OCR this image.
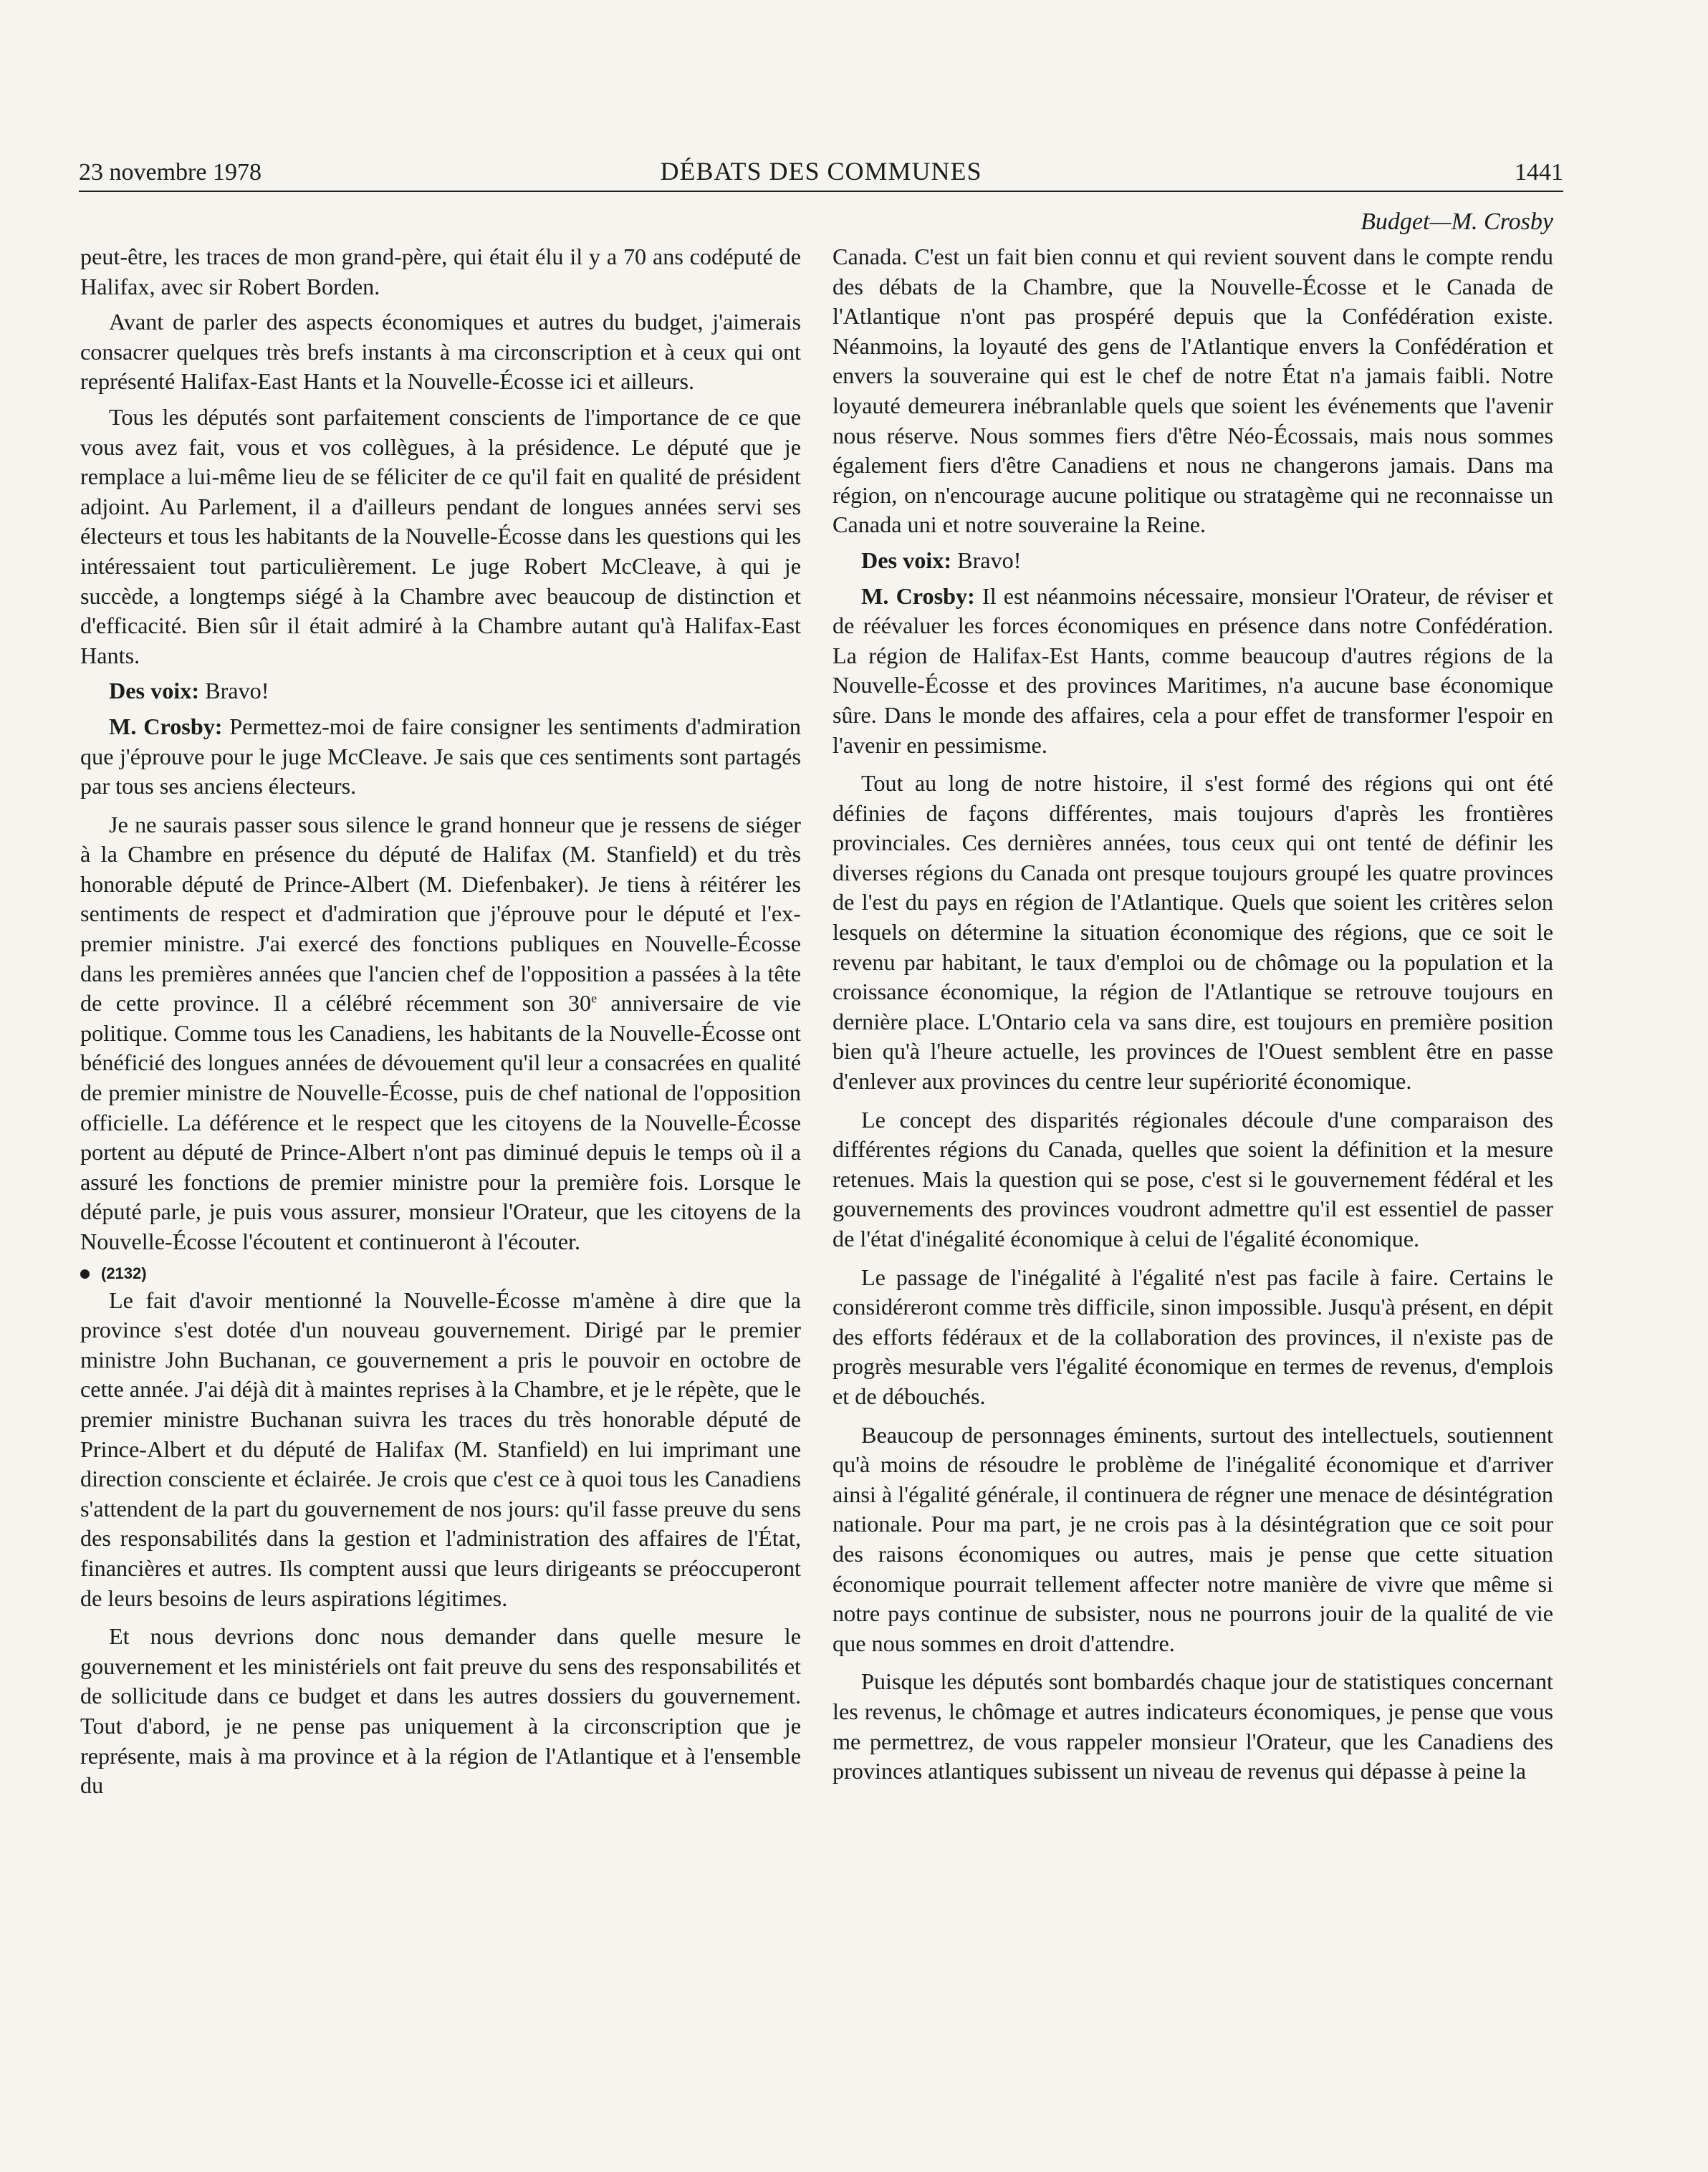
23 novembre 1978	DÉBATS DES COMMUNES	1441

peut-être, les traces de mon grand-père, qui était élu il y a 70 ans codéputé de Halifax, avec sir Robert Borden.

Avant de parler des aspects économiques et autres du budget, j'aimerais consacrer quelques très brefs instants à ma circonscription et à ceux qui ont représenté Halifax-East Hants et la Nouvelle-Écosse ici et ailleurs.

Tous les députés sont parfaitement conscients de l'importance de ce que vous avez fait, vous et vos collègues, à la présidence. Le député que je remplace a lui-même lieu de se féliciter de ce qu'il fait en qualité de président adjoint. Au Parlement, il a d'ailleurs pendant de longues années servi ses électeurs et tous les habitants de la Nouvelle-Écosse dans les questions qui les intéressaient tout particulièrement. Le juge Robert McCleave, à qui je succède, a longtemps siégé à la Chambre avec beaucoup de distinction et d'efficacité. Bien sûr il était admiré à la Chambre autant qu'à Halifax-East Hants.

Des voix: Bravo!

M. Crosby: Permettez-moi de faire consigner les sentiments d'admiration que j'éprouve pour le juge McCleave. Je sais que ces sentiments sont partagés par tous ses anciens électeurs.

Je ne saurais passer sous silence le grand honneur que je ressens de siéger à la Chambre en présence du député de Halifax (M. Stanfield) et du très honorable député de Prince-Albert (M. Diefenbaker). Je tiens à réitérer les sentiments de respect et d'admiration que j'éprouve pour le député et l'ex-premier ministre. J'ai exercé des fonctions publiques en Nouvelle-Écosse dans les premières années que l'ancien chef de l'opposition a passées à la tête de cette province. Il a célébré récemment son 30e anniversaire de vie politique. Comme tous les Canadiens, les habitants de la Nouvelle-Écosse ont bénéficié des longues années de dévouement qu'il leur a consacrées en qualité de premier ministre de Nouvelle-Écosse, puis de chef national de l'opposition officielle. La déférence et le respect que les citoyens de la Nouvelle-Écosse portent au député de Prince-Albert n'ont pas diminué depuis le temps où il a assuré les fonctions de premier ministre pour la première fois. Lorsque le député parle, je puis vous assurer, monsieur l'Orateur, que les citoyens de la Nouvelle-Écosse l'écoutent et continueront à l'écouter.

(2132)

Le fait d'avoir mentionné la Nouvelle-Écosse m'amène à dire que la province s'est dotée d'un nouveau gouvernement. Dirigé par le premier ministre John Buchanan, ce gouvernement a pris le pouvoir en octobre de cette année. J'ai déjà dit à maintes reprises à la Chambre, et je le répète, que le premier ministre Buchanan suivra les traces du très honorable député de Prince-Albert et du député de Halifax (M. Stanfield) en lui imprimant une direction consciente et éclairée. Je crois que c'est ce à quoi tous les Canadiens s'attendent de la part du gouvernement de nos jours: qu'il fasse preuve du sens des responsabilités dans la gestion et l'administration des affaires de l'État, financières et autres. Ils comptent aussi que leurs dirigeants se préoccuperont de leurs besoins de leurs aspirations légitimes.

Et nous devrions donc nous demander dans quelle mesure le gouvernement et les ministériels ont fait preuve du sens des responsabilités et de sollicitude dans ce budget et dans les autres dossiers du gouvernement. Tout d'abord, je ne pense pas uniquement à la circonscription que je représente, mais à ma province et à la région de l'Atlantique et à l'ensemble du

Budget—M. Crosby

Canada. C'est un fait bien connu et qui revient souvent dans le compte rendu des débats de la Chambre, que la Nouvelle-Écosse et le Canada de l'Atlantique n'ont pas prospéré depuis que la Confédération existe. Néanmoins, la loyauté des gens de l'Atlantique envers la Confédération et envers la souveraine qui est le chef de notre État n'a jamais faibli. Notre loyauté demeurera inébranlable quels que soient les événements que l'avenir nous réserve. Nous sommes fiers d'être Néo-Écossais, mais nous sommes également fiers d'être Canadiens et nous ne changerons jamais. Dans ma région, on n'encourage aucune politique ou stratagème qui ne reconnaisse un Canada uni et notre souveraine la Reine.

Des voix: Bravo!

M. Crosby: Il est néanmoins nécessaire, monsieur l'Orateur, de réviser et de réévaluer les forces économiques en présence dans notre Confédération. La région de Halifax-Est Hants, comme beaucoup d'autres régions de la Nouvelle-Écosse et des provinces Maritimes, n'a aucune base économique sûre. Dans le monde des affaires, cela a pour effet de transformer l'espoir en l'avenir en pessimisme.

Tout au long de notre histoire, il s'est formé des régions qui ont été définies de façons différentes, mais toujours d'après les frontières provinciales. Ces dernières années, tous ceux qui ont tenté de définir les diverses régions du Canada ont presque toujours groupé les quatre provinces de l'est du pays en région de l'Atlantique. Quels que soient les critères selon lesquels on détermine la situation économique des régions, que ce soit le revenu par habitant, le taux d'emploi ou de chômage ou la population et la croissance économique, la région de l'Atlantique se retrouve toujours en dernière place. L'Ontario cela va sans dire, est toujours en première position bien qu'à l'heure actuelle, les provinces de l'Ouest semblent être en passe d'enlever aux provinces du centre leur supériorité économique.

Le concept des disparités régionales découle d'une comparaison des différentes régions du Canada, quelles que soient la définition et la mesure retenues. Mais la question qui se pose, c'est si le gouvernement fédéral et les gouvernements des provinces voudront admettre qu'il est essentiel de passer de l'état d'inégalité économique à celui de l'égalité économique.

Le passage de l'inégalité à l'égalité n'est pas facile à faire. Certains le considéreront comme très difficile, sinon impossible. Jusqu'à présent, en dépit des efforts fédéraux et de la collaboration des provinces, il n'existe pas de progrès mesurable vers l'égalité économique en termes de revenus, d'emplois et de débouchés.

Beaucoup de personnages éminents, surtout des intellectuels, soutiennent qu'à moins de résoudre le problème de l'inégalité économique et d'arriver ainsi à l'égalité générale, il continuera de régner une menace de désintégration nationale. Pour ma part, je ne crois pas à la désintégration que ce soit pour des raisons économiques ou autres, mais je pense que cette situation économique pourrait tellement affecter notre manière de vivre que même si notre pays continue de subsister, nous ne pourrons jouir de la qualité de vie que nous sommes en droit d'attendre.

Puisque les députés sont bombardés chaque jour de statistiques concernant les revenus, le chômage et autres indicateurs économiques, je pense que vous me permettrez, de vous rappeler monsieur l'Orateur, que les Canadiens des provinces atlantiques subissent un niveau de revenus qui dépasse à peine la
